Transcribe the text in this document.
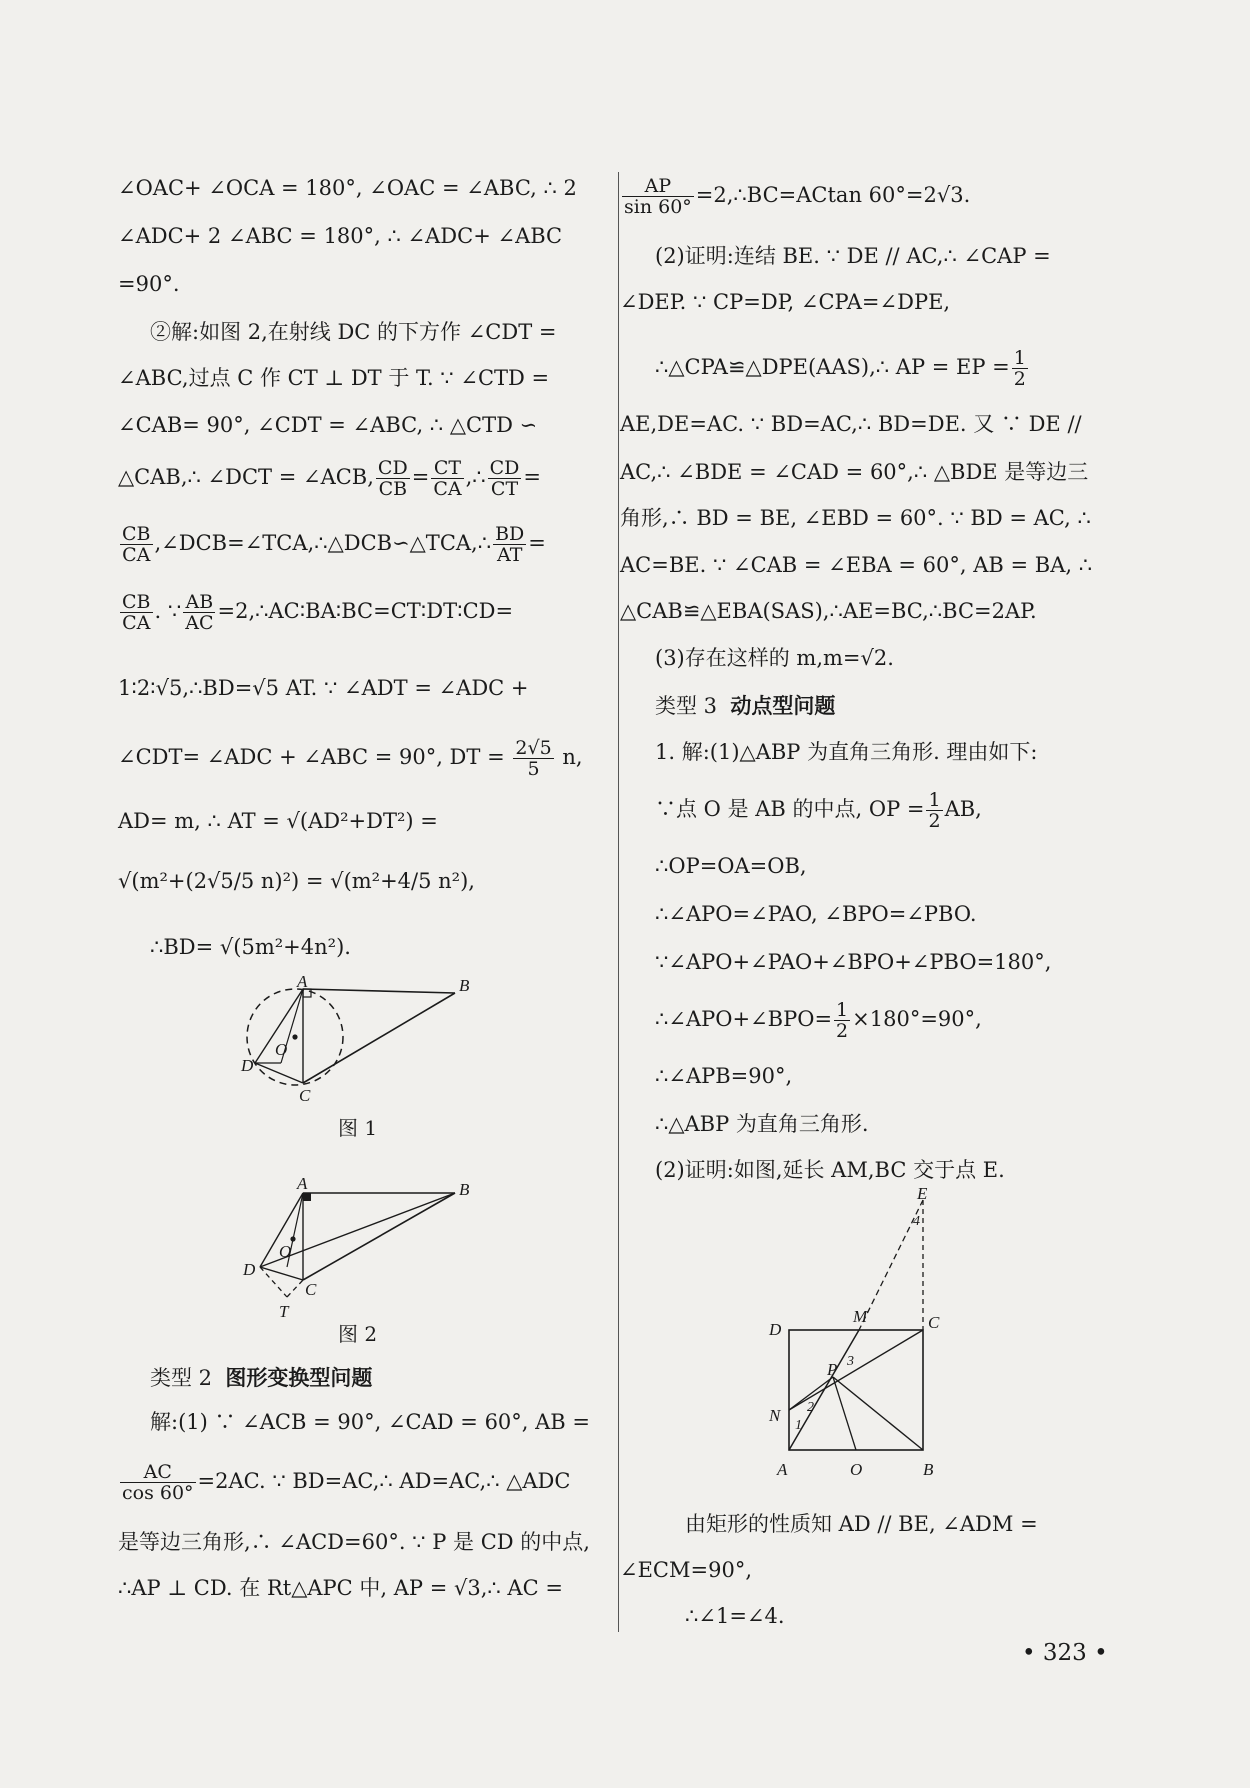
∠OAC+ ∠OCA = 180°, ∠OAC = ∠ABC, ∴ 2
∠ADC+ 2 ∠ABC = 180°, ∴ ∠ADC+ ∠ABC
=90°.
②解:如图 2,在射线 DC 的下方作 ∠CDT =
∠ABC,过点 C 作 CT ⊥ DT 于 T. ∵ ∠CTD =
∠CAB= 90°, ∠CDT = ∠ABC, ∴ △CTD ∽
△CAB,∴ ∠DCT = ∠ACB, $\frac{CD}{CB} = \frac{CT}{CA}$ ,∴ $\frac{CD}{CT}$ =
$\frac{CB}{CA}$ ,∠DCB=∠TCA,∴△DCB∽△TCA,∴ $\frac{BD}{AT}$ =
$\frac{CB}{CA}$ . ∵ $\frac{AB}{AC}$ =2,∴AC∶BA∶BC=CT∶DT∶CD=
1∶2∶√5,∴BD=√5 AT. ∵ ∠ADT = ∠ADC +
∠CDT= ∠ADC + ∠ABC = 90°, DT = $\frac{2√5}{5} n$,
AD= m, ∴ AT = √(AD²+DT²) =
√(m²+(2√5/5 n)²) = √(m²+4/5 n²),
∴BD= √(5m²+4n²).
A	B
C
D
O
图 1
A	B
C
D
O
T
图 2
类型 2 图形变换型问题
解:(1) ∵ ∠ACB = 90°, ∠CAD = 60°, AB =
$\frac{AC}{\cos 60^\circ} =2AC$. ∵ BD=AC,∴ AD=AC,∴ △ADC
是等边三角形,∴ ∠ACD=60°. ∵ P 是 CD 的中点,
∴AP ⊥ CD. 在 Rt△APC 中, AP = √3,∴ AC =
$\frac{AP}{\sin 60^\circ}$ =2,∴BC=ACtan 60°=2√3.
(2)证明:连结 BE. ∵ DE // AC,∴ ∠CAP =
∠DEP. ∵ CP=DP, ∠CPA=∠DPE,
∴△CPA≌△DPE(AAS),∴ AP = EP = $\frac{1}{2}$
AE,DE=AC. ∵ BD=AC,∴ BD=DE. 又 ∵ DE //
AC,∴ ∠BDE = ∠CAD = 60°,∴ △BDE 是等边三
角形,∴ BD = BE, ∠EBD = 60°. ∵ BD = AC, ∴
AC=BE. ∵ ∠CAB = ∠EBA = 60°, AB = BA, ∴
△CAB≌△EBA(SAS),∴AE=BC,∴BC=2AP.
(3)存在这样的 m,m=√2.
类型 3 动点型问题
1. 解:(1)△ABP 为直角三角形. 理由如下:
∵点 O 是 AB 的中点, OP = $\frac{1}{2}$ AB,
∴OP=OA=OB,
∴∠APO=∠PAO, ∠BPO=∠PBO.
∵∠APO+∠PAO+∠BPO+∠PBO=180°,
∴∠APO+∠BPO= $\frac{1}{2} \times 180^\circ=90^\circ$,
∴∠APB=90°,
∴△ABP 为直角三角形.
(2)证明:如图,延长 AM,BC 交于点 E.
E
M	C
D
P
N
A	O	B
1
2
3
4
由矩形的性质知 AD // BE, ∠ADM =
∠ECM=90°,
∴∠1=∠4.
• 323 •
